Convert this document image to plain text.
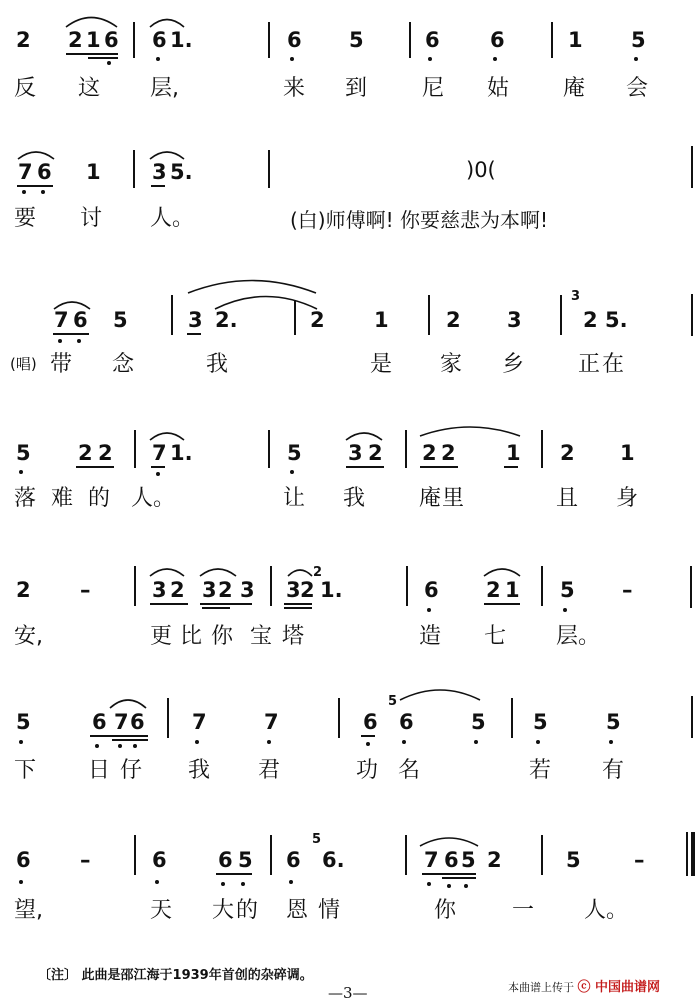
2 2 1 6 6 1.	6 5	6 6	1 5
反 这 层,	来 到 尼 姑 庵 会
7 6 1 3 5.	)0(
要 讨 人。	(白)师傅啊! 你要慈悲为本啊!
7 6 5	3 2.	2 1	2 3
3
2 5.
(唱) 带 念	我	是 家 乡 正 在
5 2 2 7 1.	5 3 2 2 2 1 2 1
落 难 的 人。	让 我 庵 里	且 身
2 –	3 2 3 2 3 3 2
2
1.	6 2 1 5 –
安,	更 比 你 宝 塔	造 七 层。
5	6 7 6 7	7	6
5
6	5 5	5
下 日 仔 我 君	功 名	若 有
6 –	6 6 5 6
5
6.	7 6 5 2	5	–
望,	天 大 的 恩 情	你	一 人。
〔注〕 此曲是邵江海于1939年首创的杂碎调。
—3—	本曲谱上传于 ⓒ 中国曲谱网
